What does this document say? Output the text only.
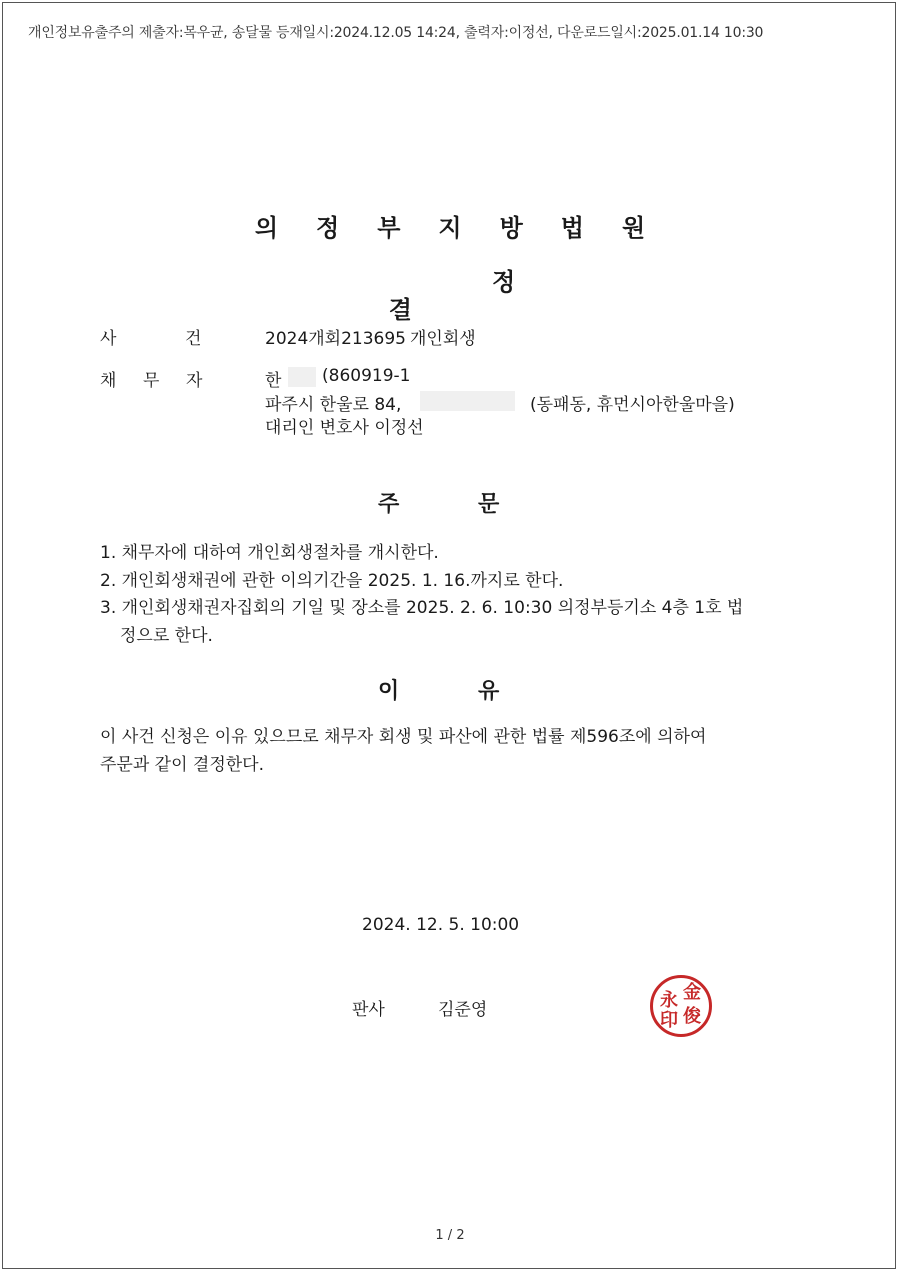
개인정보유출주의 제출자:목우균, 송달물 등재일시:2024.12.05 14:24, 출력자:이정선, 다운로드일시:2025.01.14 10:30
의정부지방법원

결

정

사	건	2024개회213695 개인회생
채 무 자	한 (860919-1
파주시 한울로 84,	(동패동, 휴먼시아한울마을)
대리인 변호사 이정선
주	문
1. 채무자에 대하여 개인회생절차를 개시한다.
2. 개인회생채권에 관한 이의기간을 2025. 1. 16.까지로 한다.
3. 개인회생채권자집회의 기일 및 장소를 2025. 2. 6. 10:30 의정부등기소 4층 1호 법
정으로 한다.
이	유
이 사건 신청은 이유 있으므로 채무자 회생 및 파산에 관한 법률 제596조에 의하여
주문과 같이 결정한다.
2024. 12. 5. 10:00
판사	김준영
金
永
俊
印
1 / 2
